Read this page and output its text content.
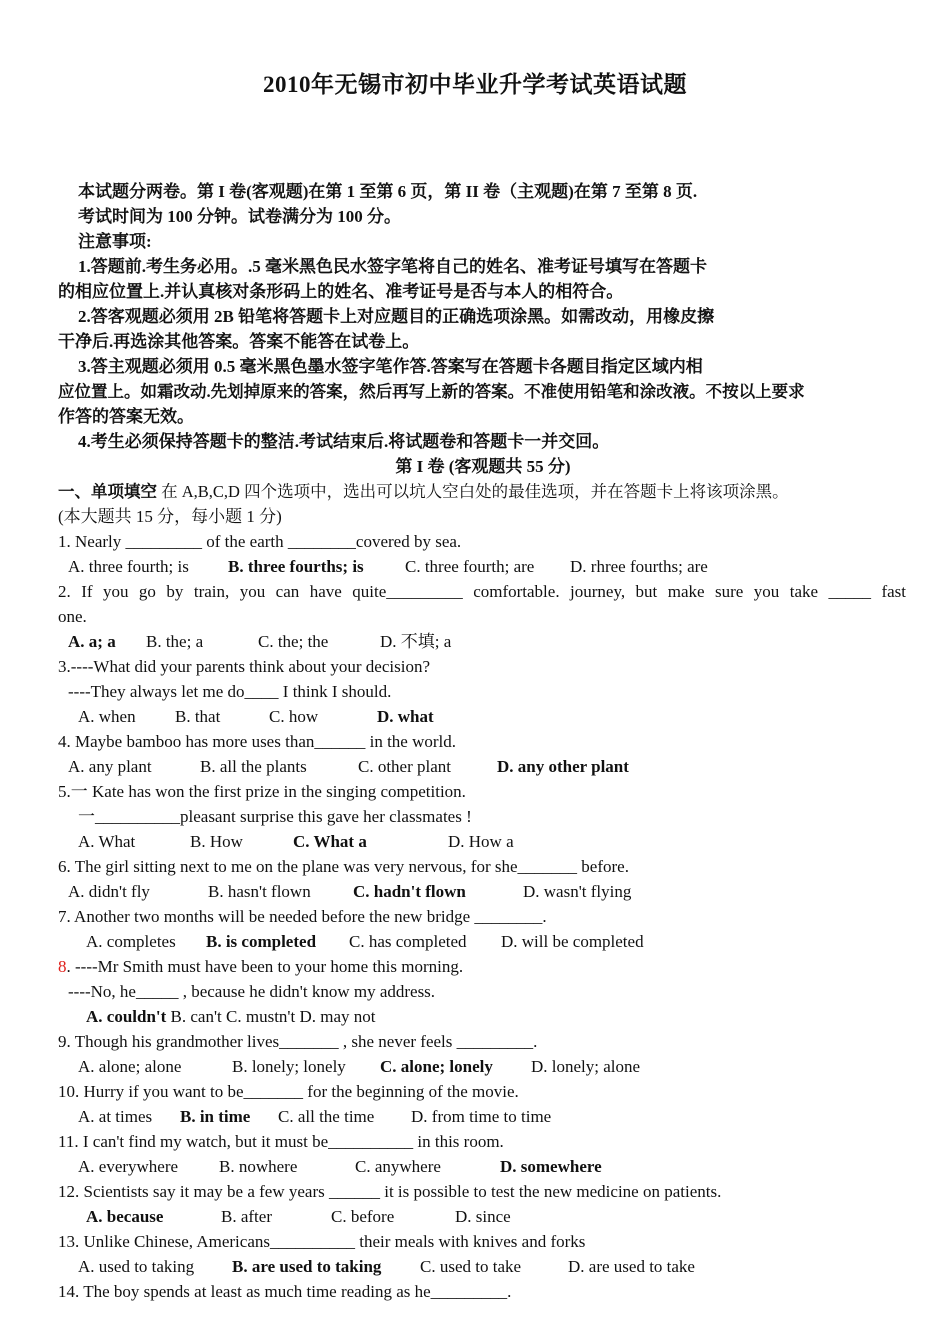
2010年无锡市初中毕业升学考试英语试题
本试题分两卷。第 I 卷(客观题)在第 1 至第 6 页，第 II 卷（主观题)在第 7 至第 8 页.
考试时间为 100 分钟。试卷满分为 100 分。
注意事项:
1.答题前.考生务必用。.5 毫米黑色民水签字笔将自己的姓名、准考证号填写在答题卡
的相应位置上.并认真核对条形码上的姓名、准考证号是否与本人的相符合。
2.答客观题必须用 2B 铅笔将答题卡上对应题目的正确选项涂黑。如需改动，用橡皮擦
干净后.再选涂其他答案。答案不能答在试卷上。
3.答主观题必须用 0.5 毫米黑色墨水签字笔作答.答案写在答题卡各题目指定区域内相
应位置上。如霜改动.先划掉原来的答案，然后再写上新的答案。不准使用铅笔和涂改液。不按以上要求
作答的答案无效。
4.考生必须保持答题卡的整洁.考试结束后.将试题卷和答题卡一并交回。
第 I 卷 (客观题共 55 分)
一、单项填空 在 A,B,C,D 四个选项中，选出可以坑人空白处的最佳选项，并在答题卡上将该项涂黑。
(本大题共 15 分，每小题 1 分)
1. Nearly _________ of the earth ________covered by sea.
A. three fourth; is B. three fourths; is C. three fourth; are D. rhree fourths; are
2. If you go by train, you can have quite_________ comfortable. journey, but make sure you take _____ fast
one.
A. a; a B. the; a	C. the; the	D. 不填; a
3.----What did your parents think about your decision?
----They always let me do____ I think I should.
A. when B. that	C. how	D. what
4. Maybe bamboo has more uses than______ in the world.
A. any plant	B. all the plants	C. other plant	D. any other plant
5.一 Kate has won the first prize in the singing competition.
一__________pleasant surprise this gave her classmates !
A. What	B. How	C. What a	D. How a
6. The girl sitting next to me on the plane was very nervous, for she_______ before.
A. didn't fly	B. hasn't flown C. hadn't flown	D. wasn't flying
7. Another two months will be needed before the new bridge ________.
A. completes B. is completed C. has completed D. will be completed
8. ----Mr Smith must have been to your home this morning.
----No, he_____ , because he didn't know my address.
A. couldn't B. can't C. mustn't D. may not
9. Though his grandmother lives_______ , she never feels _________.
A. alone; alone	B. lonely; lonely C. alone; lonely D. lonely; alone
10. Hurry if you want to be_______ for the beginning of the movie.
A. at times B. in time C. all the time D. from time to time
11. I can't find my watch, but it must be__________ in this room.
A. everywhere B. nowhere	C. anywhere	D. somewhere
12. Scientists say it may be a few years ______ it is possible to test the new medicine on patients.
A. because	B. after	C. before	D. since
13. Unlike Chinese, Americans__________ their meals with knives and forks
A. used to taking B. are used to taking C. used to take	D. are used to take
14. The boy spends at least as much time reading as he_________.
